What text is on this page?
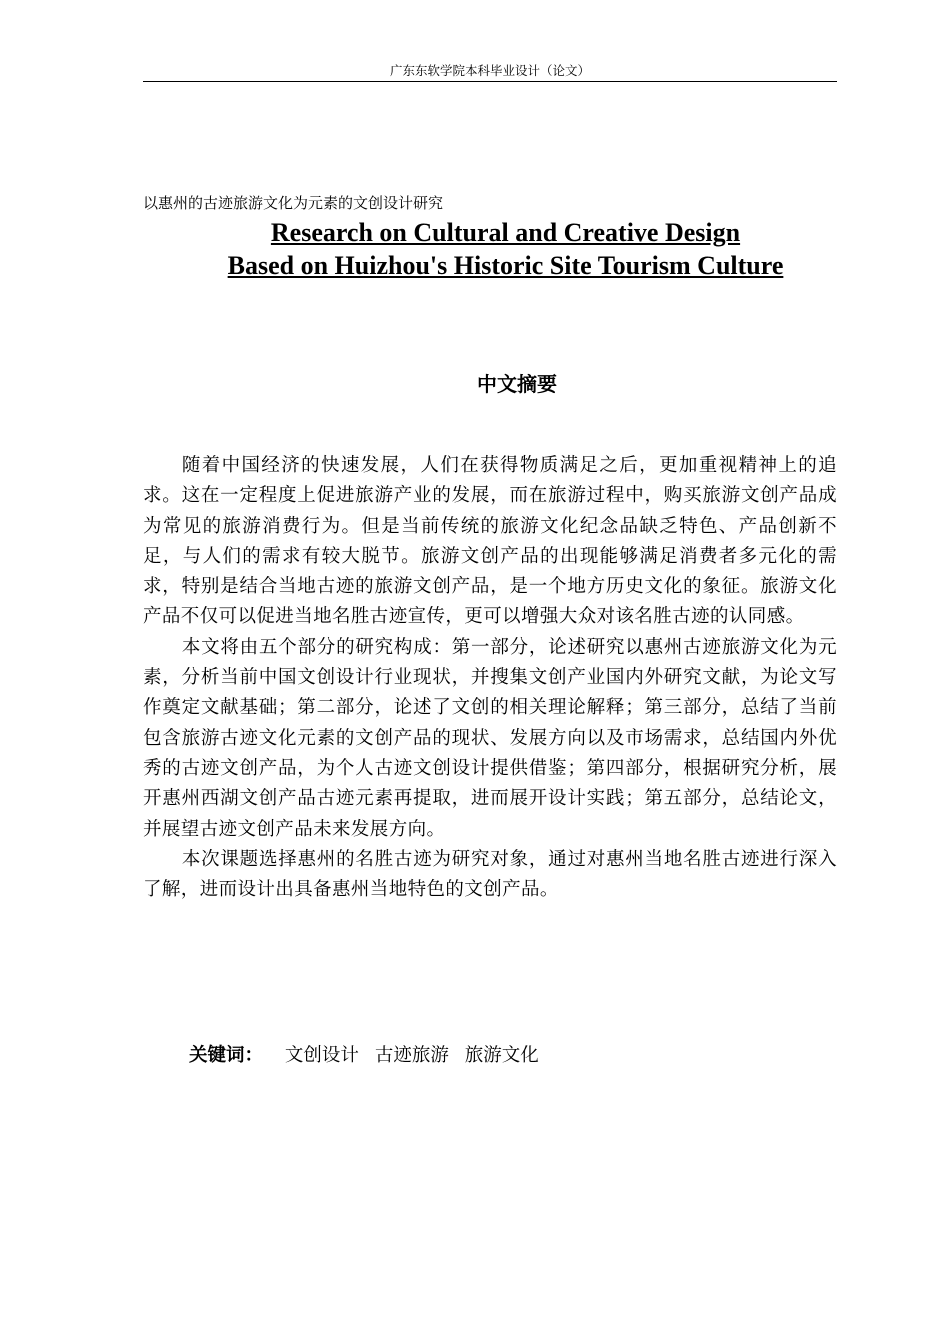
广东东软学院本科毕业设计（论文）
以惠州的古迹旅游文化为元素的文创设计研究
Research on Cultural and Creative Design
Based on Huizhou's Historic Site Tourism Culture
中文摘要

随着中国经济的快速发展，人们在获得物质满足之后，更加重视精神上的追求。这在一定程度上促进旅游产业的发展，而在旅游过程中，购买旅游文创产品成为常见的旅游消费行为。但是当前传统的旅游文化纪念品缺乏特色、产品创新不足，与人们的需求有较大脱节。旅游文创产品的出现能够满足消费者多元化的需求，特别是结合当地古迹的旅游文创产品，是一个地方历史文化的象征。旅游文化产品不仅可以促进当地名胜古迹宣传，更可以增强大众对该名胜古迹的认同感。

本文将由五个部分的研究构成：第一部分，论述研究以惠州古迹旅游文化为元素，分析当前中国文创设计行业现状，并搜集文创产业国内外研究文献，为论文写作奠定文献基础；第二部分，论述了文创的相关理论解释；第三部分，总结了当前包含旅游古迹文化元素的文创产品的现状、发展方向以及市场需求，总结国内外优秀的古迹文创产品，为个人古迹文创设计提供借鉴；第四部分，根据研究分析，展开惠州西湖文创产品古迹元素再提取，进而展开设计实践；第五部分，总结论文，并展望古迹文创产品未来发展方向。

本次课题选择惠州的名胜古迹为研究对象，通过对惠州当地名胜古迹进行深入了解，进而设计出具备惠州当地特色的文创产品。

关键词： 文创设计 古迹旅游 旅游文化
